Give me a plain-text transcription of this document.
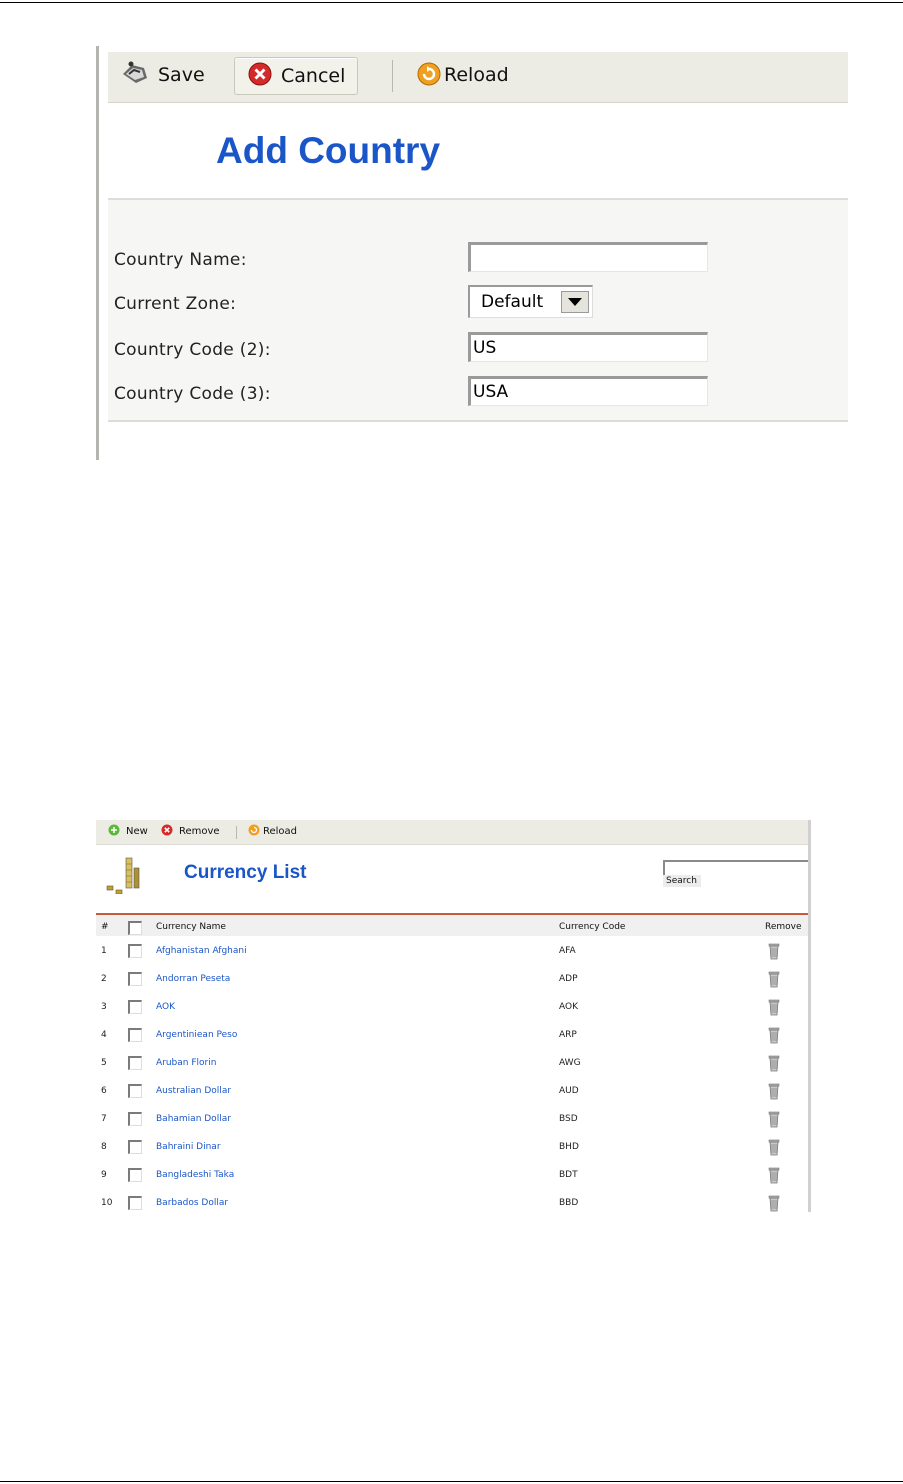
Save	Cancel	Reload
Add Country
Country Name:
Current Zone:	Default
Country Code (2):	US
Country Code (3):	USA
New	Remove	Reload
Currency List	Search
#	Currency Name	Currency Code	Remove
1	Afghanistan Afghani	AFA
2	Andorran Peseta	ADP
3	AOK	AOK
4	Argentiniean Peso	ARP
5	Aruban Florin	AWG
6	Australian Dollar	AUD
7	Bahamian Dollar	BSD
8	Bahraini Dinar	BHD
9	Bangladeshi Taka	BDT
10	Barbados Dollar	BBD
